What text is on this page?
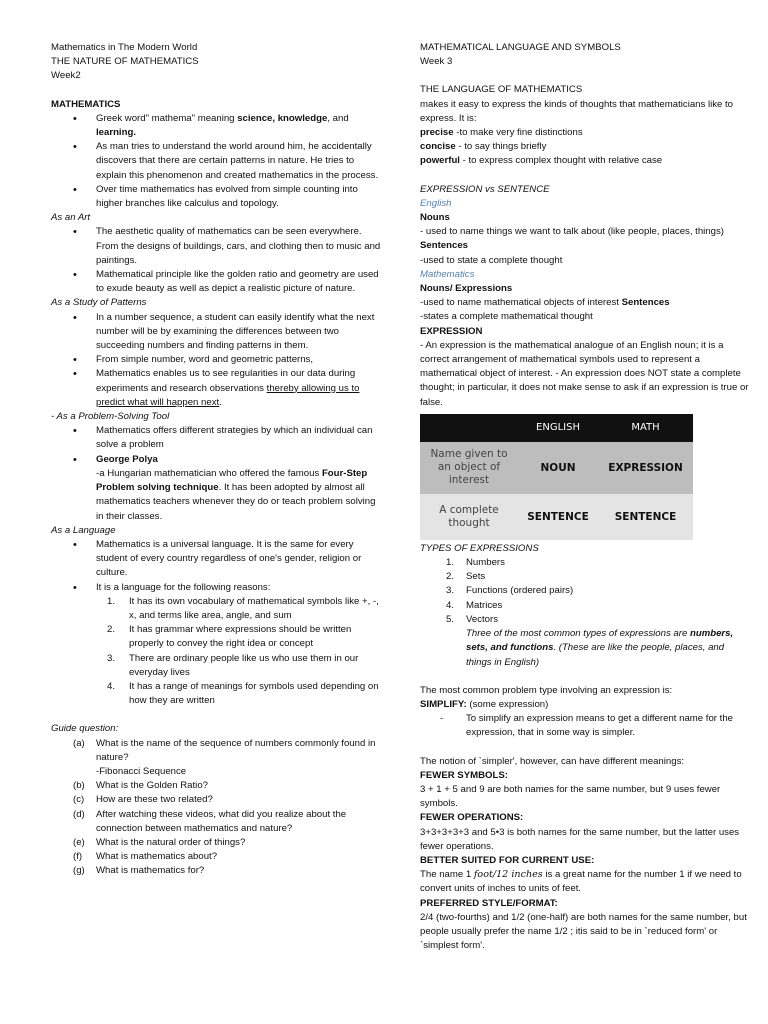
Mathematics in The Modern World

THE NATURE OF MATHEMATICS

Week2

MATHEMATICS

• Greek word" mathema" meaning science, knowledge, and learning.
• As man tries to understand the world around him, he accidentally discovers that there are certain patterns in nature. He tries to explain this phenomenon and created mathematics in the process.
• Over time mathematics has evolved from simple counting into higher branches like calculus and topology.

As an Art

• The aesthetic quality of mathematics can be seen everywhere. From the designs of buildings, cars, and clothing then to music and paintings.
• Mathematical principle like the golden ratio and geometry are used to exude beauty as well as depict a realistic picture of nature.

As a Study of Patterns

• In a number sequence, a student can easily identify what the next number will be by examining the differences between two succeeding numbers and finding patterns in them.
• From simple number, word and geometric patterns,
• Mathematics enables us to see regularities in our data during experiments and research observations thereby allowing us to predict what will happen next.

- As a Problem-Solving Tool

• Mathematics offers different strategies by which an individual can solve a problem
• George Polya

-a Hungarian mathematician who offered the famous Four-Step Problem solving technique. It has been adopted by almost all mathematics teachers whenever they do or teach problem solving in their classes.

As a Language

• Mathematics is a universal language. It is the same for every student of every country regardless of one's gender, religion or culture.
• It is a language for the following reasons:
1. It has its own vocabulary of mathematical symbols like +, -, x, and terms like area, angle, and sum
2. It has grammar where expressions should be written properly to convey the right idea or concept
3. There are ordinary people like us who use them in our everyday lives
4. It has a range of meanings for symbols used depending on how they are written

Guide question:

(a) What is the name of the sequence of numbers commonly found in nature?
-Fibonacci Sequence
(b) What is the Golden Ratio?
(c) How are these two related?
(d) After watching these videos, what did you realize about the connection between mathematics and nature?
(e) What is the natural order of things?
(f) What is mathematics about?
(g) What is mathematics for?

MATHEMATICAL LANGUAGE AND SYMBOLS

Week 3

THE LANGUAGE OF MATHEMATICS

makes it easy to express the kinds of thoughts that mathematicians like to express. It is:

precise -to make very fine distinctions

concise - to say things briefly

powerful - to express complex thought with relative case

EXPRESSION vs SENTENCE

English

Nouns

- used to name things we want to talk about (like people, places, things)

Sentences

-used to state a complete thought

Mathematics

Nouns/ Expressions

-used to name mathematical objects of interest Sentences

-states a complete mathematical thought

EXPRESSION

- An expression is the mathematical analogue of an English noun; it is a correct arrangement of mathematical symbols used to represent a mathematical object of interest. - An expression does NOT state a complete thought; in particular, it does not make sense to ask if an expression is true or false.

	ENGLISH	MATH
Name given to an object of interest	NOUN	EXPRESSION
A complete thought	SENTENCE	SENTENCE

TYPES OF EXPRESSIONS

1. Numbers
2. Sets
3. Functions (ordered pairs)
4. Matrices
5. Vectors

Three of the most common types of expressions are numbers, sets, and functions. (These are like the people, places, and things in English)

The most common problem type involving an expression is:

SIMPLIFY: (some expression)

- To simplify an expression means to get a different name for the expression, that in some way is simpler.

The notion of `simpler', however, can have different meanings:

FEWER SYMBOLS:

3 + 1 + 5 and 9 are both names for the same number, but 9 uses fewer symbols.

FEWER OPERATIONS:

3+3+3+3+3 and 5•3 is both names for the same number, but the latter uses fewer operations.

BETTER SUITED FOR CURRENT USE:

The name 1 foot/12 inches is a great name for the number 1 if we need to convert units of inches to units of feet.

PREFERRED STYLE/FORMAT:

2/4 (two-fourths) and 1/2 (one-half) are both names for the same number, but people usually prefer the name 1/2 ; itis said to be in `reduced form' or `simplest form'.
